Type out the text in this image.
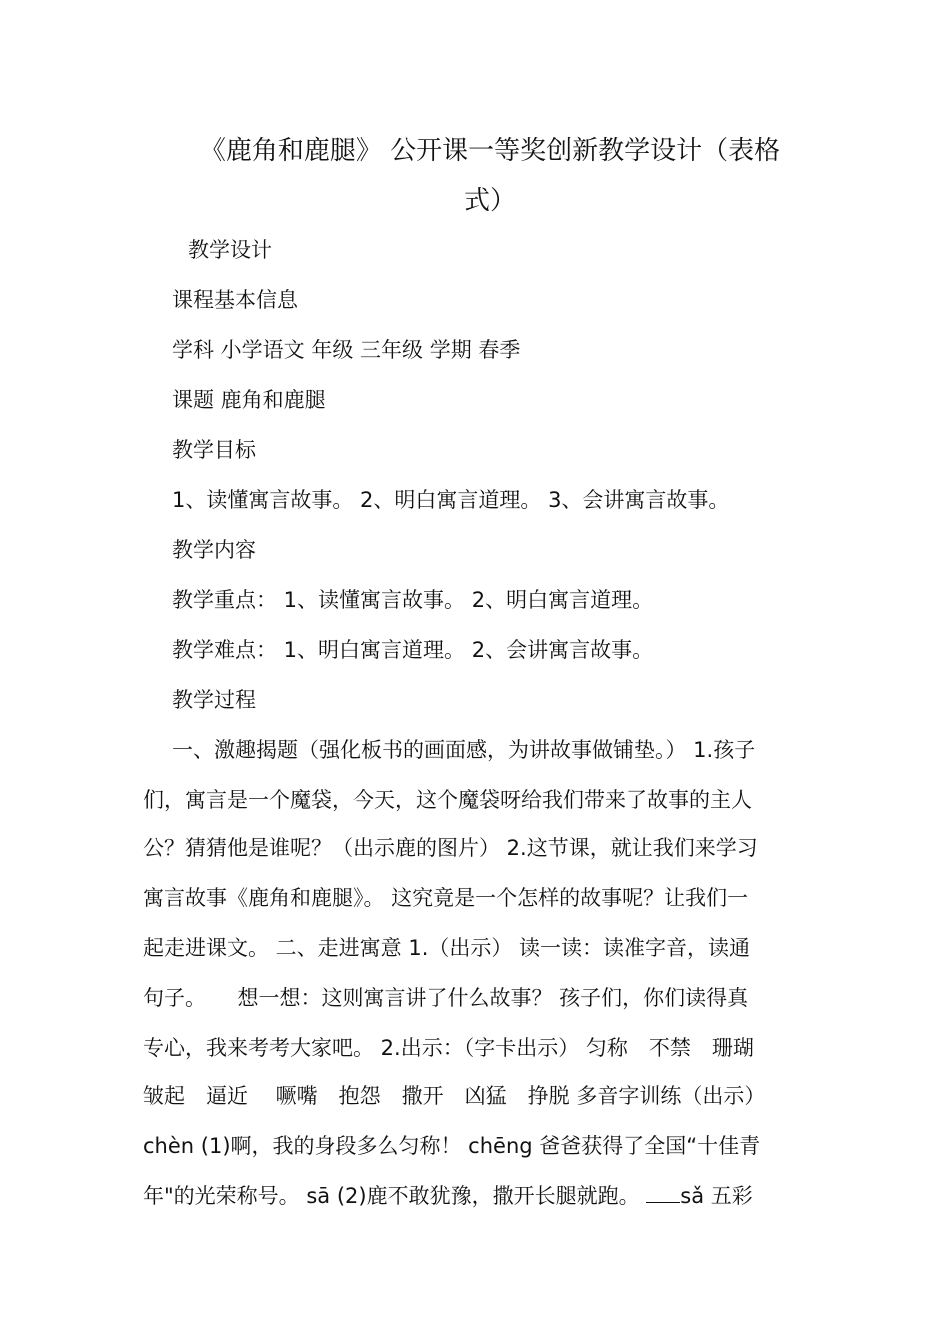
《鹿角和鹿腿》 公开课一等奖创新教学设计（表格
式）
教学设计
课程基本信息
学科 小学语文 年级 三年级 学期 春季
课题 鹿角和鹿腿
教学目标
1、读懂寓言故事。 2、明白寓言道理。 3、会讲寓言故事。
教学内容
教学重点： 1、读懂寓言故事。 2、明白寓言道理。
教学难点： 1、明白寓言道理。 2、会讲寓言故事。
教学过程
一、激趣揭题（强化板书的画面感，为讲故事做铺垫。） 1.孩子
们，寓言是一个魔袋，今天，这个魔袋呀给我们带来了故事的主人
公？猜猜他是谁呢？（出示鹿的图片） 2.这节课，就让我们来学习
寓言故事《鹿角和鹿腿》。 这究竟是一个怎样的故事呢？让我们一
起走进课文。 二、走进寓意 1.（出示） 读一读：读准字音，读通
句子。　　想一想：这则寓言讲了什么故事？ 孩子们，你们读得真
专心，我来考考大家吧。 2.出示：（字卡出示） 匀称　不禁　珊瑚
皱起　逼近　 噘嘴　抱怨　撒开　凶猛　挣脱 多音字训练（出示）
chèn (1)啊，我的身段多么匀称！ chēng 爸爸获得了全国“十佳青
年"的光荣称号。 sā (2)鹿不敢犹豫，撒开长腿就跑。 sǎ 五彩
